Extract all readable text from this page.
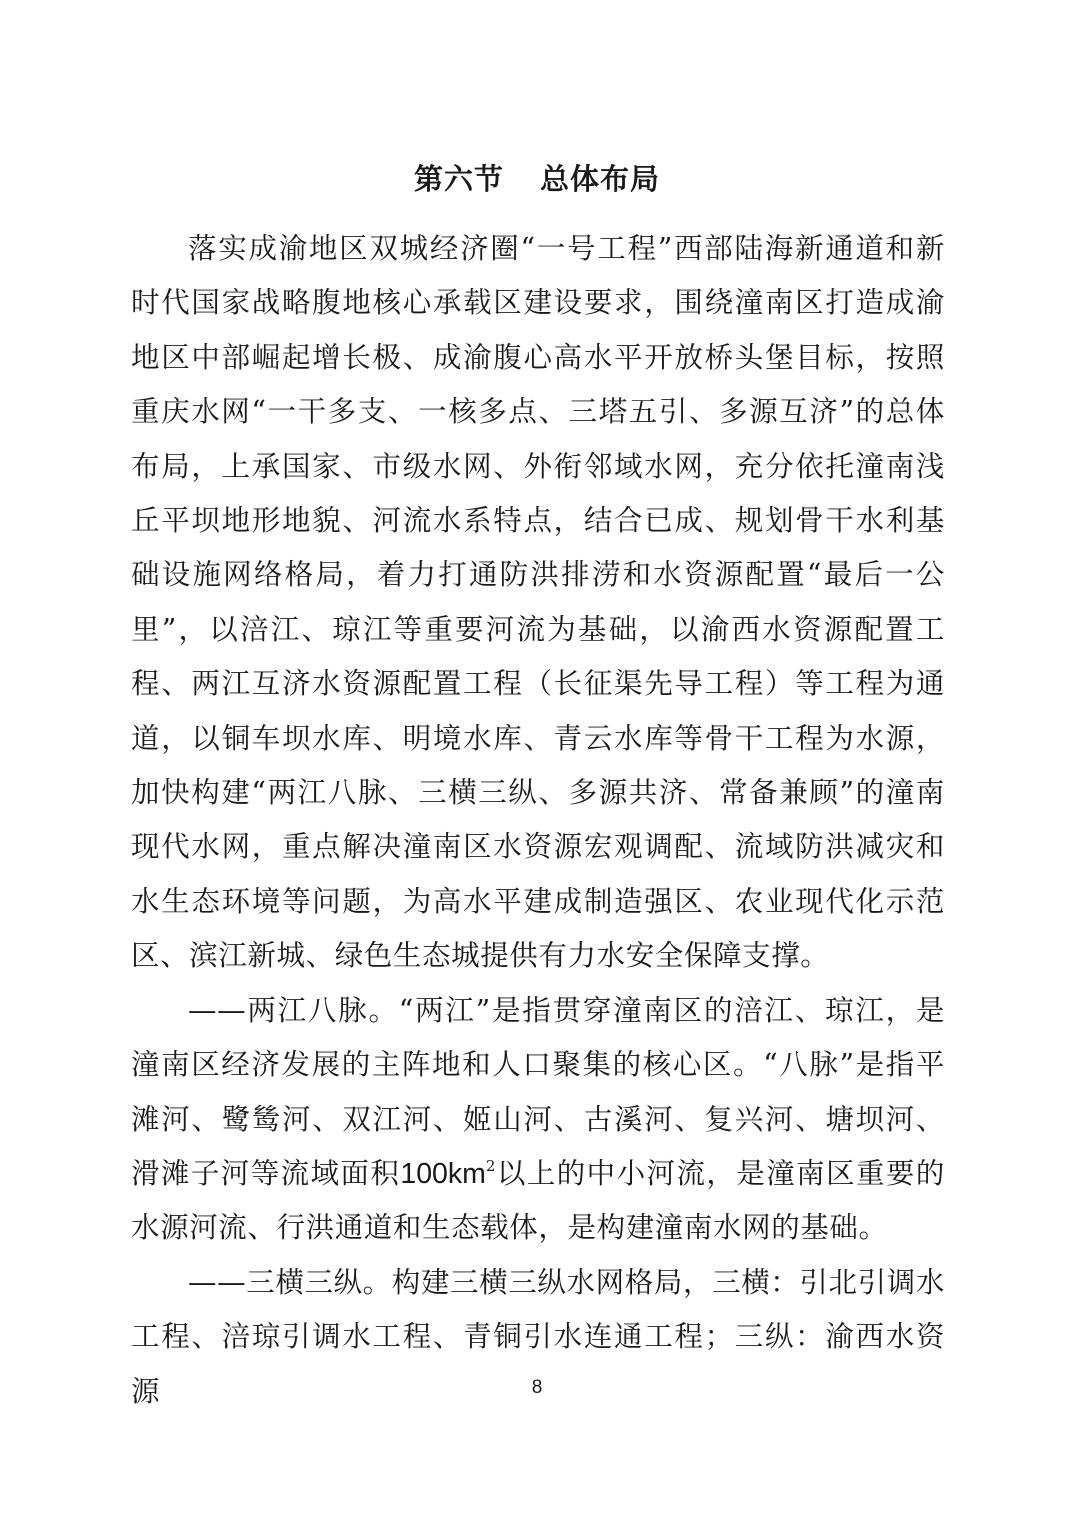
第六节 总体布局

落实成渝地区双城经济圈“一号工程”西部陆海新通道和新时代国家战略腹地核心承载区建设要求，围绕潼南区打造成渝地区中部崛起增长极、成渝腹心高水平开放桥头堡目标，按照重庆水网“一干多支、一核多点、三塔五引、多源互济”的总体布局，上承国家、市级水网、外衔邻域水网，充分依托潼南浅丘平坝地形地貌、河流水系特点，结合已成、规划骨干水利基础设施网络格局，着力打通防洪排涝和水资源配置“最后一公里”，以涪江、琼江等重要河流为基础，以渝西水资源配置工程、两江互济水资源配置工程（长征渠先导工程）等工程为通道，以铜车坝水库、明境水库、青云水库等骨干工程为水源，加快构建“两江八脉、三横三纵、多源共济、常备兼顾”的潼南现代水网，重点解决潼南区水资源宏观调配、流域防洪减灾和水生态环境等问题，为高水平建成制造强区、农业现代化示范区、滨江新城、绿色生态城提供有力水安全保障支撑。

——两江八脉。“两江”是指贯穿潼南区的涪江、琼江，是潼南区经济发展的主阵地和人口聚集的核心区。“八脉”是指平滩河、鹭鸶河、双江河、姬山河、古溪河、复兴河、塘坝河、滑滩子河等流域面积$100km^2$以上的中小河流，是潼南区重要的水源河流、行洪通道和生态载体，是构建潼南水网的基础。

——三横三纵。构建三横三纵水网格局，三横：引北引调水工程、涪琼引调水工程、青铜引水连通工程；三纵：渝西水资源	8
